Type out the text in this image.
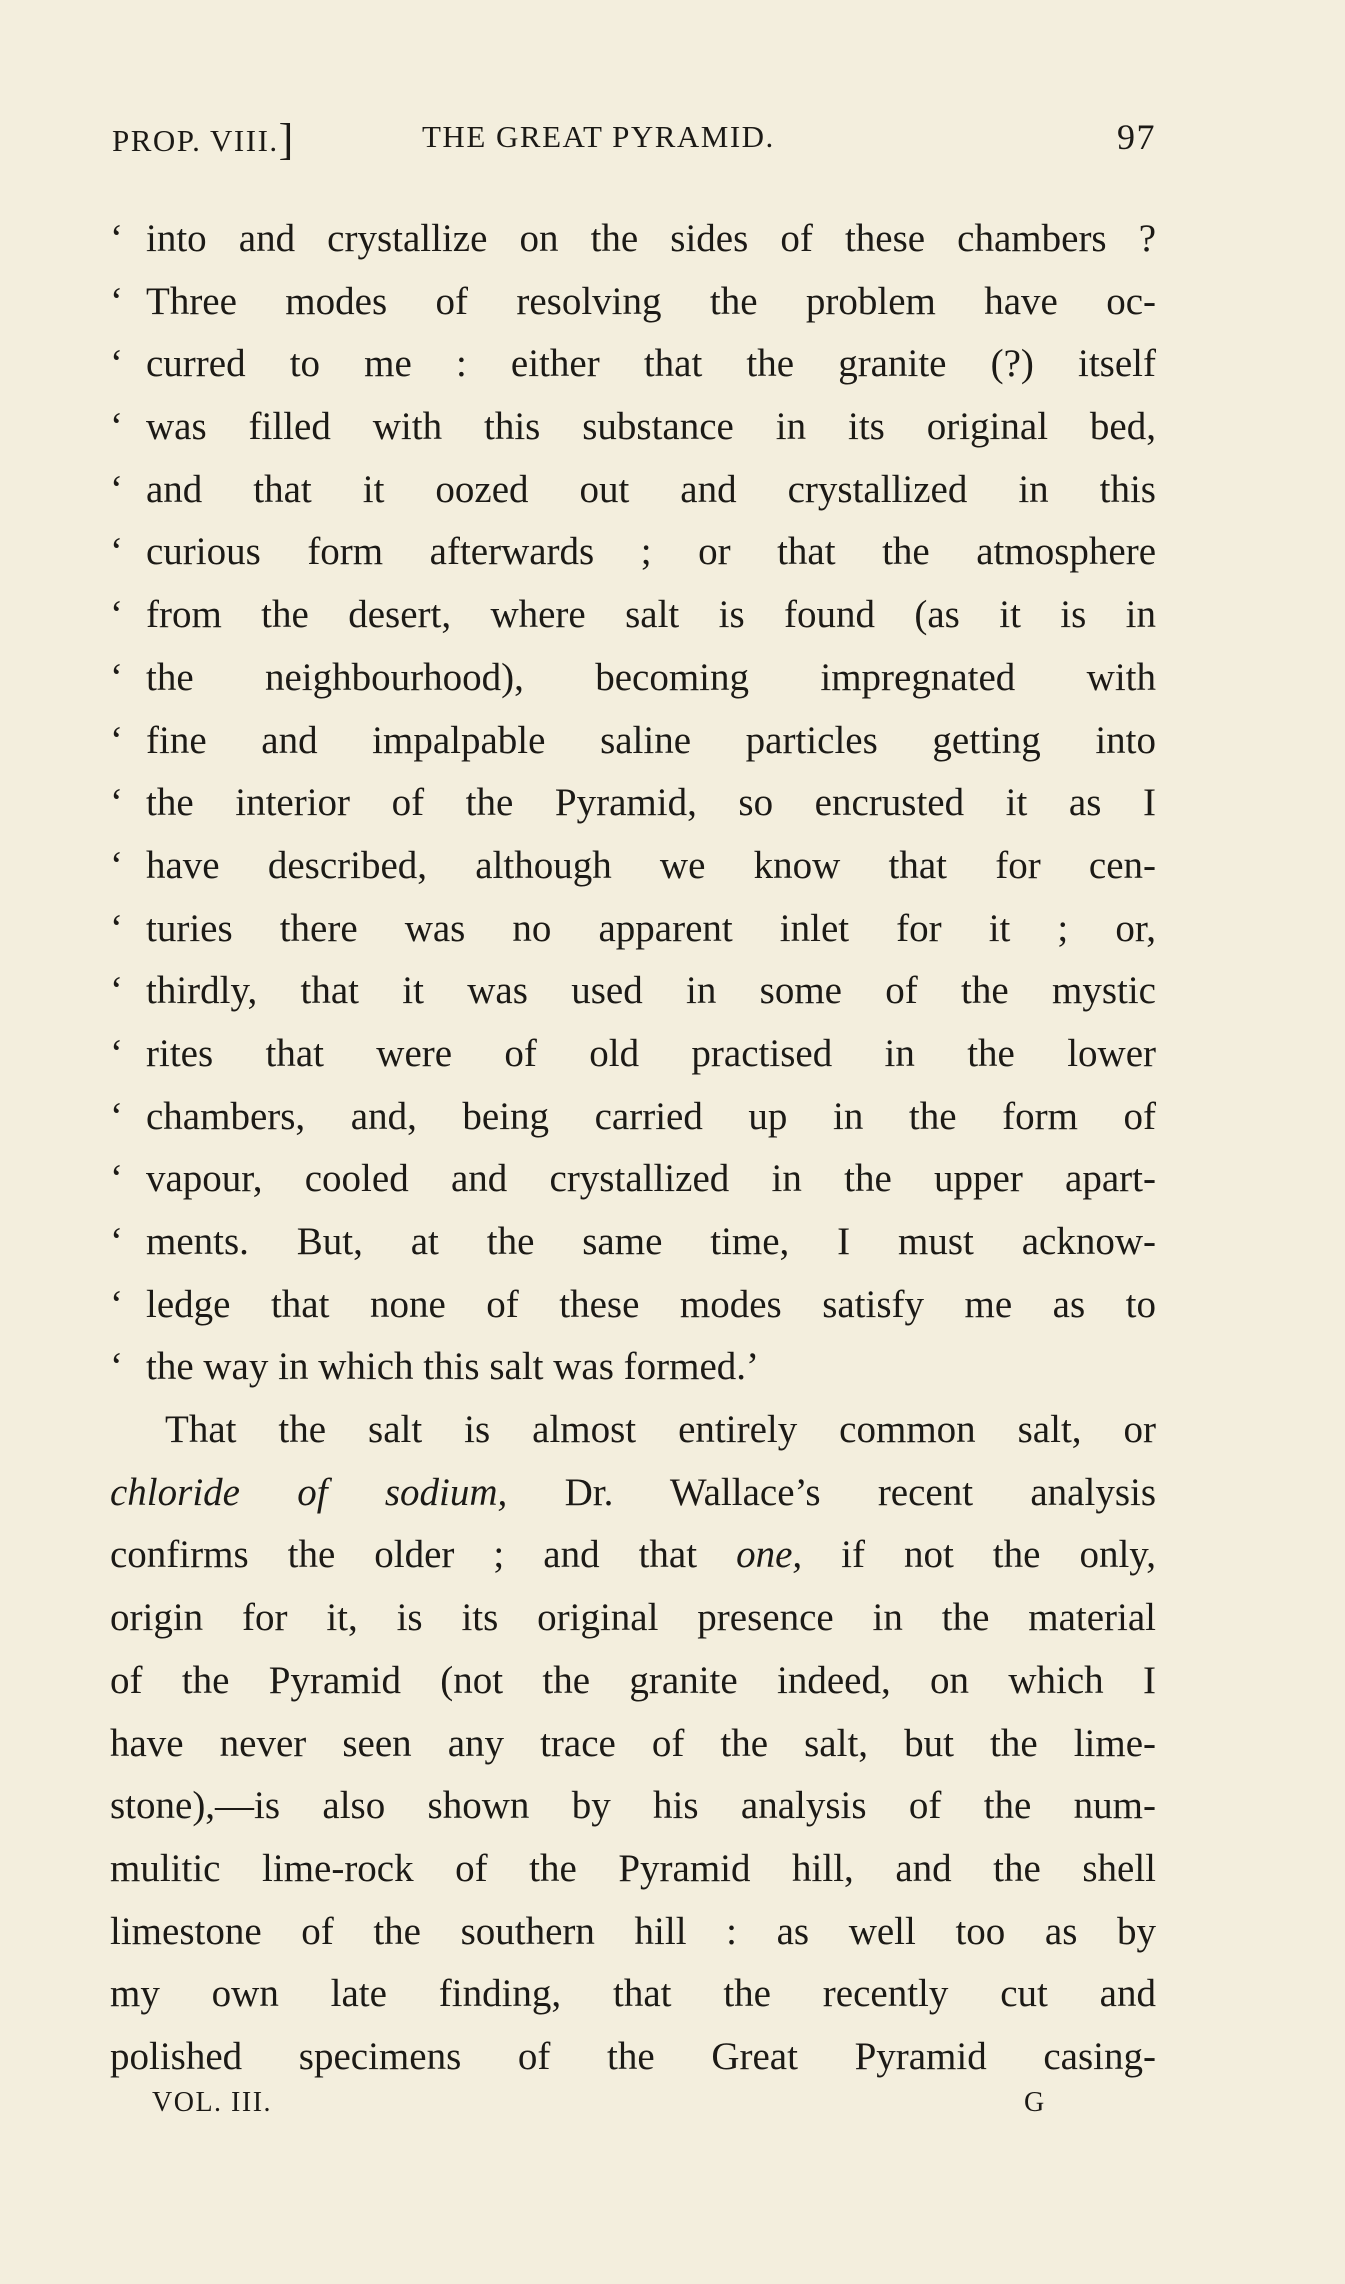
PROP. VIII.]	THE GREAT PYRAMID.	97
‘ into and crystallize on the sides of these chambers ?
‘ Three modes of resolving the problem have oc-
‘ curred to me : either that the granite (?) itself
‘ was filled with this substance in its original bed,
‘ and that it oozed out and crystallized in this
‘ curious form afterwards ; or that the atmosphere
‘ from the desert, where salt is found (as it is in
‘ the neighbourhood), becoming impregnated with
‘ fine and impalpable saline particles getting into
‘ the interior of the Pyramid, so encrusted it as I
‘ have described, although we know that for cen-
‘ turies there was no apparent inlet for it ; or,
‘ thirdly, that it was used in some of the mystic
‘ rites that were of old practised in the lower
‘ chambers, and, being carried up in the form of
‘ vapour, cooled and crystallized in the upper apart-
‘ ments. But, at the same time, I must acknow-
‘ ledge that none of these modes satisfy me as to
‘ the way in which this salt was formed.’
That the salt is almost entirely common salt, or
chloride of sodium, Dr. Wallace’s recent analysis
confirms the older ; and that one, if not the only,
origin for it, is its original presence in the material
of the Pyramid (not the granite indeed, on which I
have never seen any trace of the salt, but the lime-
stone),—is also shown by his analysis of the num-
mulitic lime-rock of the Pyramid hill, and the shell
limestone of the southern hill : as well too as by
my own late finding, that the recently cut and
polished specimens of the Great Pyramid casing-
VOL. III.	G
